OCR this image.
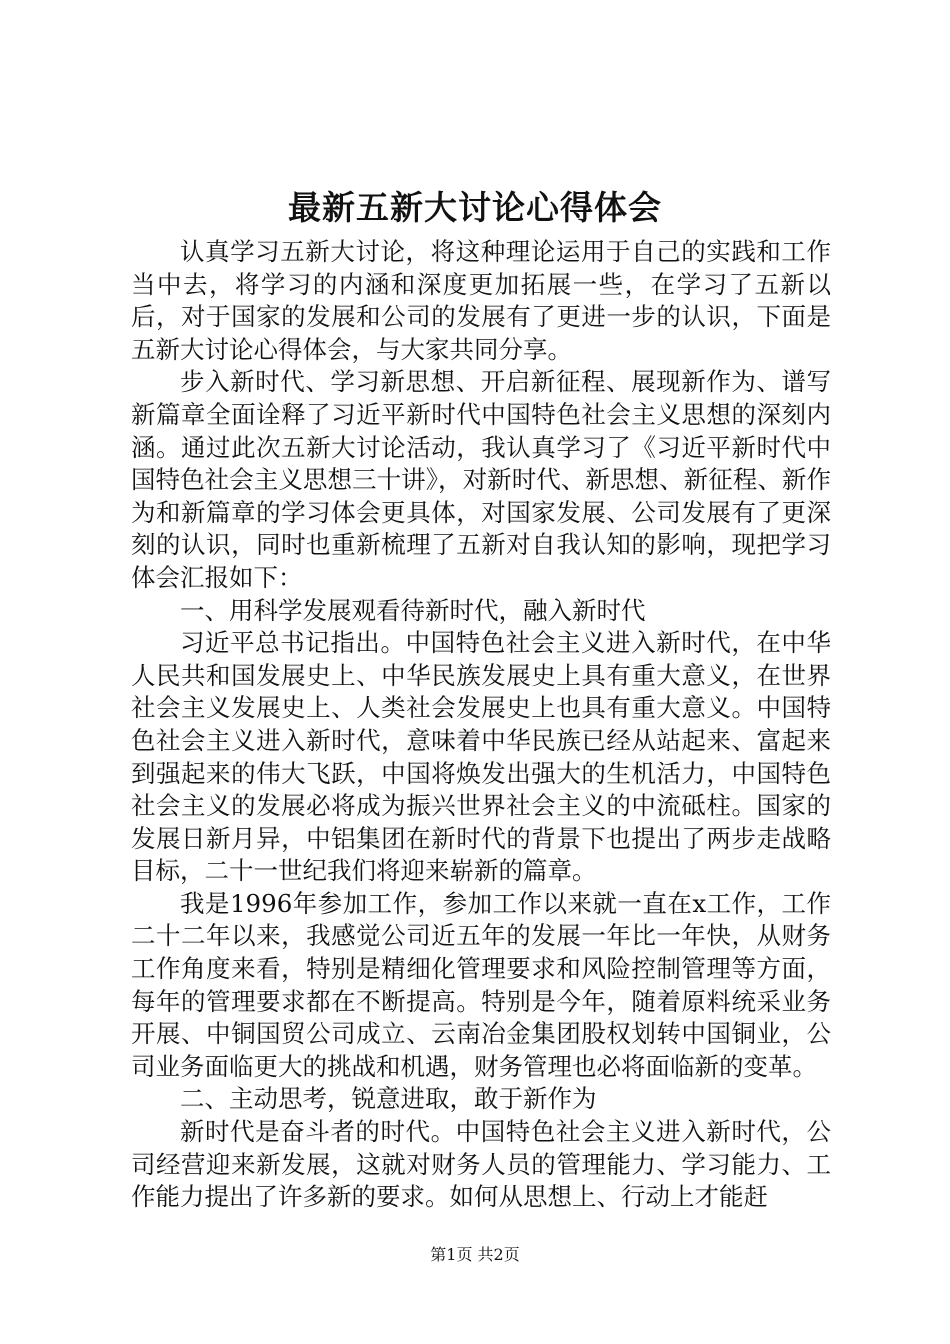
最新五新大讨论心得体会

认真学习五新大讨论，将这种理论运用于自己的实践和工作当中去，将学习的内涵和深度更加拓展一些，在学习了五新以后，对于国家的发展和公司的发展有了更进一步的认识，下面是五新大讨论心得体会，与大家共同分享。

步入新时代、学习新思想、开启新征程、展现新作为、谱写新篇章全面诠释了习近平新时代中国特色社会主义思想的深刻内涵。通过此次五新大讨论活动，我认真学习了《习近平新时代中国特色社会主义思想三十讲》，对新时代、新思想、新征程、新作为和新篇章的学习体会更具体，对国家发展、公司发展有了更深刻的认识，同时也重新梳理了五新对自我认知的影响，现把学习体会汇报如下：

一、用科学发展观看待新时代，融入新时代

习近平总书记指出。中国特色社会主义进入新时代，在中华人民共和国发展史上、中华民族发展史上具有重大意义，在世界社会主义发展史上、人类社会发展史上也具有重大意义。中国特色社会主义进入新时代，意味着中华民族已经从站起来、富起来到强起来的伟大飞跃，中国将焕发出强大的生机活力，中国特色社会主义的发展必将成为振兴世界社会主义的中流砥柱。国家的发展日新月异，中铝集团在新时代的背景下也提出了两步走战略目标，二十一世纪我们将迎来崭新的篇章。

我是1996年参加工作，参加工作以来就一直在x工作，工作二十二年以来，我感觉公司近五年的发展一年比一年快，从财务工作角度来看，特别是精细化管理要求和风险控制管理等方面，每年的管理要求都在不断提高。特别是今年，随着原料统采业务开展、中铜国贸公司成立、云南冶金集团股权划转中国铜业，公司业务面临更大的挑战和机遇，财务管理也必将面临新的变革。

二、主动思考，锐意进取，敢于新作为

新时代是奋斗者的时代。中国特色社会主义进入新时代，公司经营迎来新发展，这就对财务人员的管理能力、学习能力、工作能力提出了许多新的要求。如何从思想上、行动上才能赶

第1页 共2页
